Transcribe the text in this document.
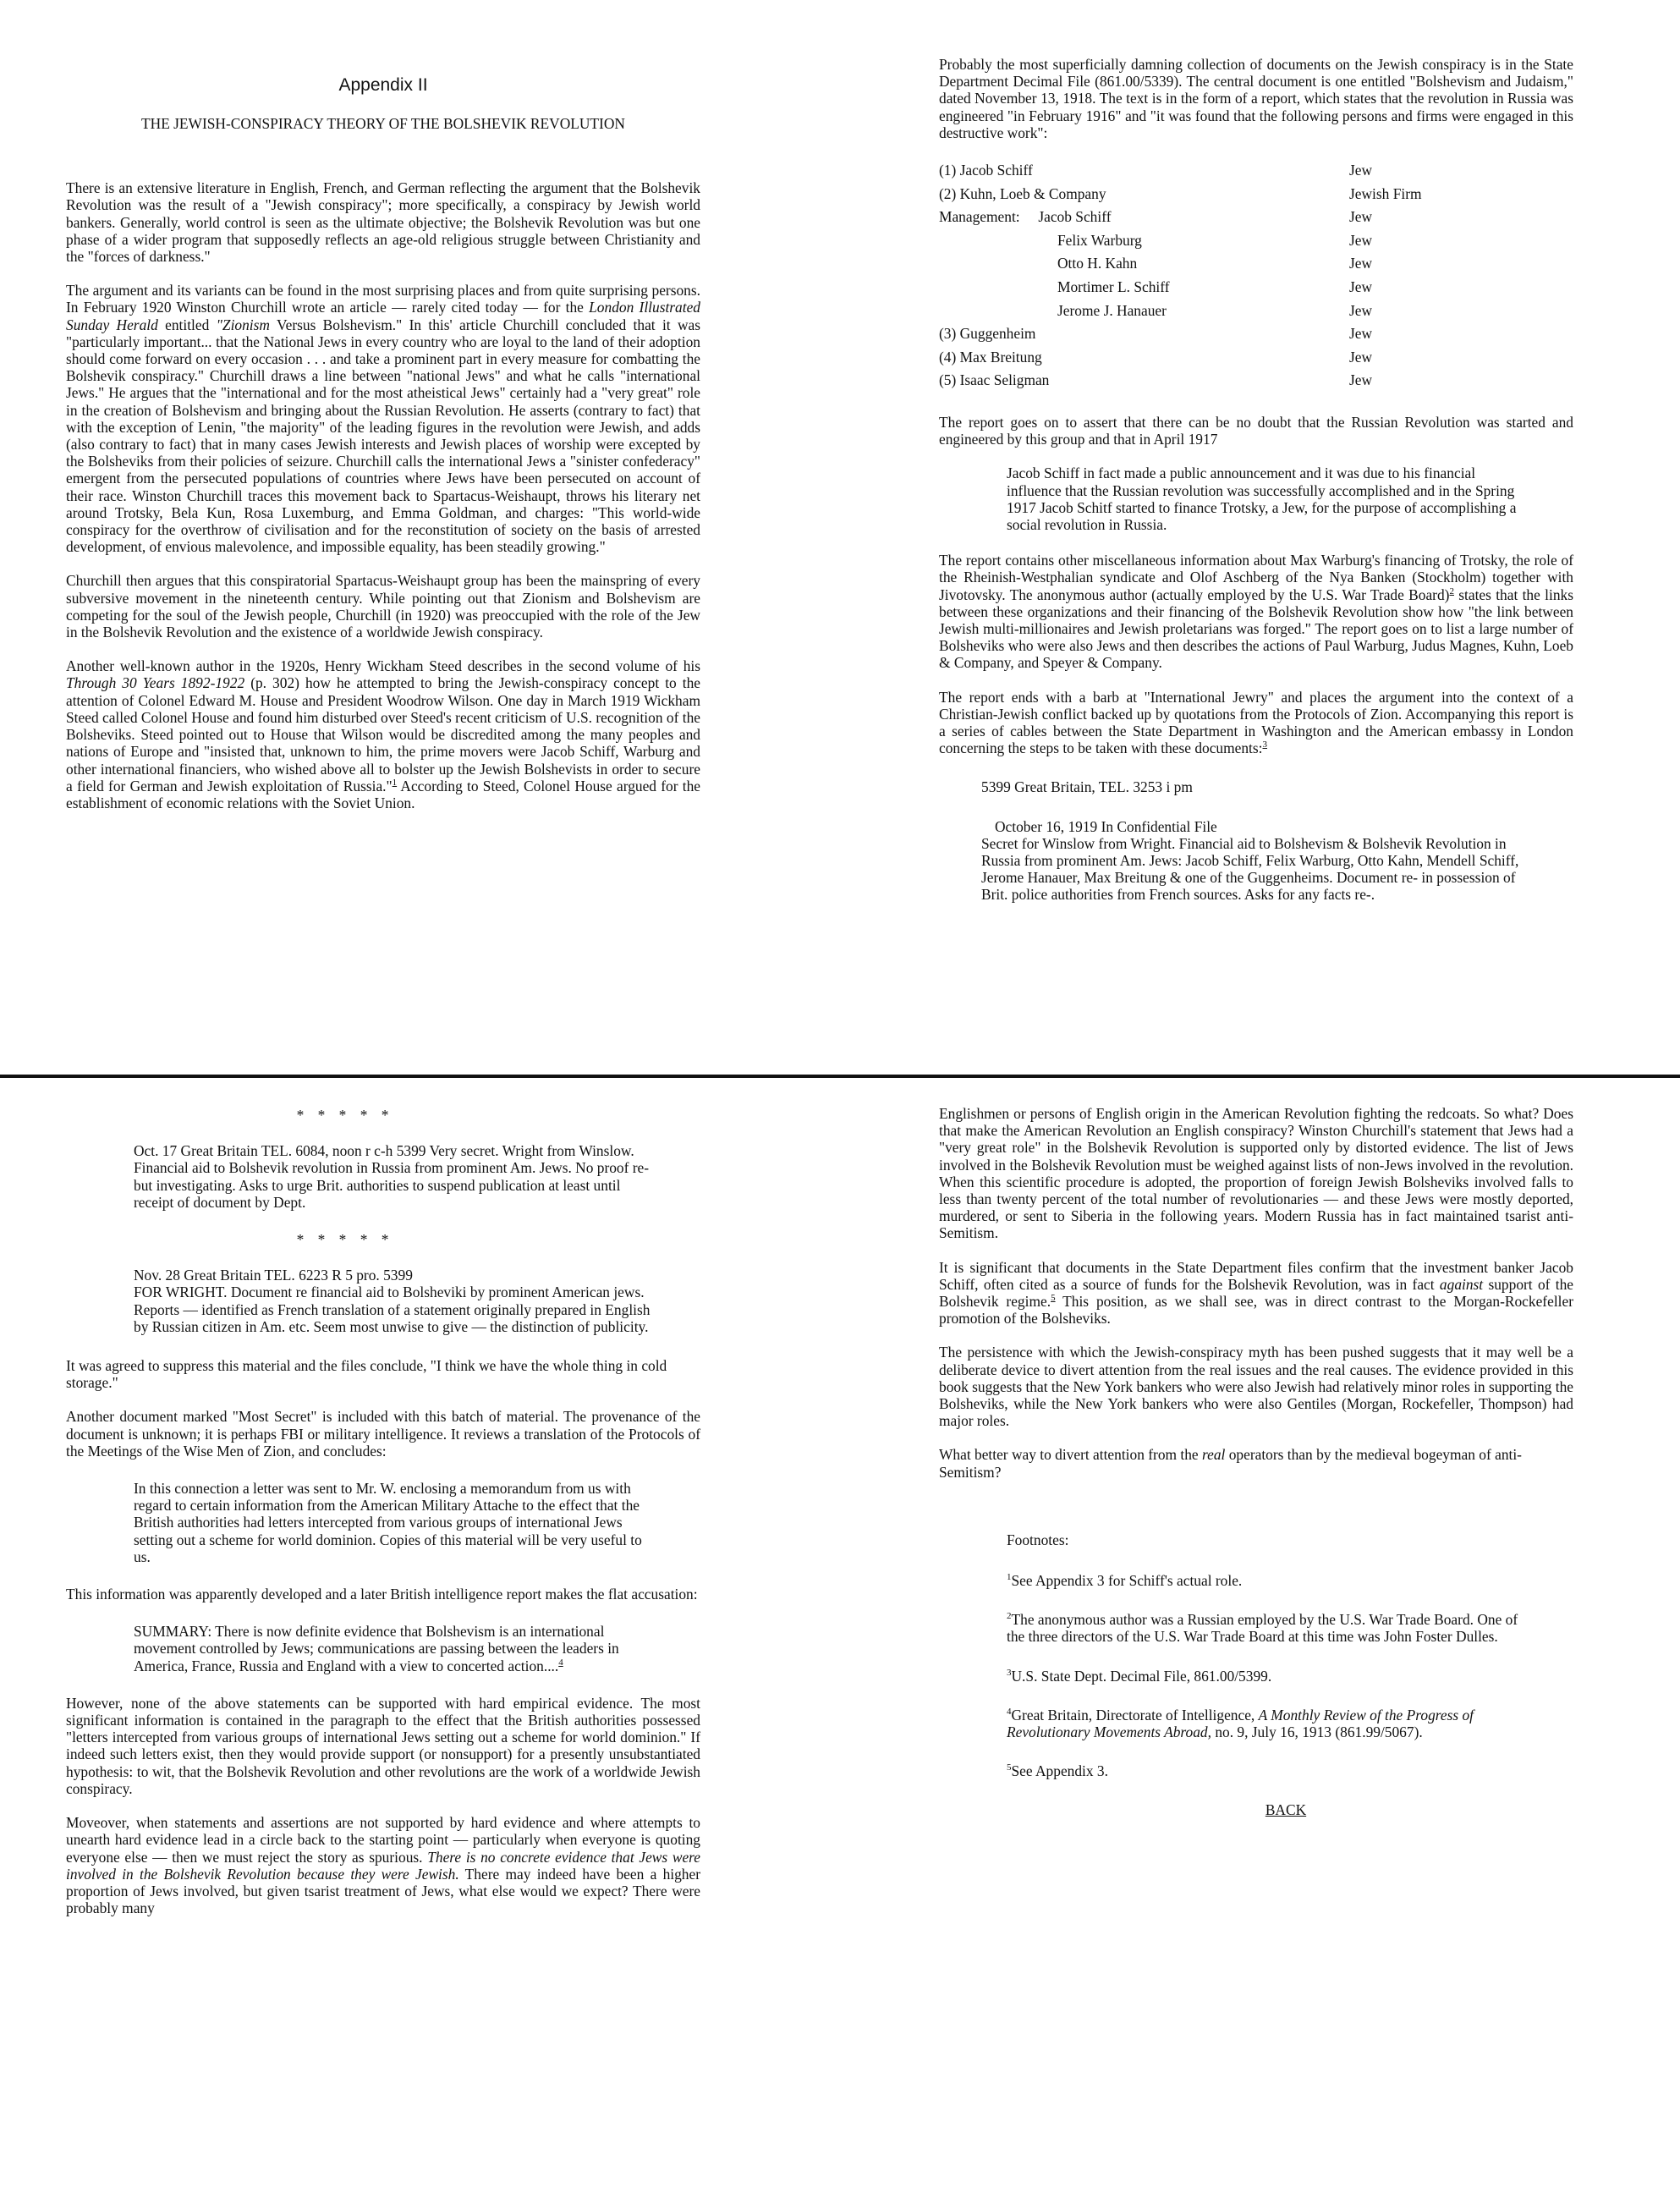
Appendix II
THE JEWISH-CONSPIRACY THEORY OF THE BOLSHEVIK REVOLUTION

There is an extensive literature in English, French, and German reflecting the argument that the Bolshevik Revolution was the result of a "Jewish conspiracy"; more specifically, a conspiracy by Jewish world bankers. Generally, world control is seen as the ultimate objective; the Bolshevik Revolution was but one phase of a wider program that supposedly reflects an age-old religious struggle between Christianity and the "forces of darkness."

The argument and its variants can be found in the most surprising places and from quite surprising persons. In February 1920 Winston Churchill wrote an article — rarely cited today — for the London Illustrated Sunday Herald entitled "Zionism Versus Bolshevism." In this' article Churchill concluded that it was "particularly important... that the National Jews in every country who are loyal to the land of their adoption should come forward on every occasion . . . and take a prominent part in every measure for combatting the Bolshevik conspiracy." Churchill draws a line between "national Jews" and what he calls "international Jews." He argues that the "international and for the most atheistical Jews" certainly had a "very great" role in the creation of Bolshevism and bringing about the Russian Revolution. He asserts (contrary to fact) that with the exception of Lenin, "the majority" of the leading figures in the revolution were Jewish, and adds (also contrary to fact) that in many cases Jewish interests and Jewish places of worship were excepted by the Bolsheviks from their policies of seizure. Churchill calls the international Jews a "sinister confederacy" emergent from the persecuted populations of countries where Jews have been persecuted on account of their race. Winston Churchill traces this movement back to Spartacus-Weishaupt, throws his literary net around Trotsky, Bela Kun, Rosa Luxemburg, and Emma Goldman, and charges: "This world-wide conspiracy for the overthrow of civilisation and for the reconstitution of society on the basis of arrested development, of envious malevolence, and impossible equality, has been steadily growing."

Churchill then argues that this conspiratorial Spartacus-Weishaupt group has been the mainspring of every subversive movement in the nineteenth century. While pointing out that Zionism and Bolshevism are competing for the soul of the Jewish people, Churchill (in 1920) was preoccupied with the role of the Jew in the Bolshevik Revolution and the existence of a worldwide Jewish conspiracy.

Another well-known author in the 1920s, Henry Wickham Steed describes in the second volume of his Through 30 Years 1892-1922 (p. 302) how he attempted to bring the Jewish-conspiracy concept to the attention of Colonel Edward M. House and President Woodrow Wilson. One day in March 1919 Wickham Steed called Colonel House and found him disturbed over Steed's recent criticism of U.S. recognition of the Bolsheviks. Steed pointed out to House that Wilson would be discredited among the many peoples and nations of Europe and "insisted that, unknown to him, the prime movers were Jacob Schiff, Warburg and other international financiers, who wished above all to bolster up the Jewish Bolshevists in order to secure a field for German and Jewish exploitation of Russia."$^1$ According to Steed, Colonel House argued for the establishment of economic relations with the Soviet Union.

Probably the most superficially damning collection of documents on the Jewish conspiracy is in the State Department Decimal File (861.00/5339). The central document is one entitled "Bolshevism and Judaism," dated November 13, 1918. The text is in the form of a report, which states that the revolution in Russia was engineered "in February 1916" and "it was found that the following persons and firms were engaged in this destructive work":

(1) Jacob Schiff	Jew
(2) Kuhn, Loeb & Company	Jewish Firm
Management:     Jacob Schiff	Jew
Felix Warburg	Jew
Otto H. Kahn	Jew
Mortimer L. Schiff	Jew
Jerome J. Hanauer	Jew
(3) Guggenheim	Jew
(4) Max Breitung	Jew
(5) Isaac Seligman	Jew

The report goes on to assert that there can be no doubt that the Russian Revolution was started and engineered by this group and that in April 1917

Jacob Schiff in fact made a public announcement and it was due to his financial influence that the Russian revolution was successfully accomplished and in the Spring 1917 Jacob Schitf started to finance Trotsky, a Jew, for the purpose of accomplishing a social revolution in Russia.

The report contains other miscellaneous information about Max Warburg's financing of Trotsky, the role of the Rheinish-Westphalian syndicate and Olof Aschberg of the Nya Banken (Stockholm) together with Jivotovsky. The anonymous author (actually employed by the U.S. War Trade Board)$^2$ states that the links between these organizations and their financing of the Bolshevik Revolution show how "the link between Jewish multi-millionaires and Jewish proletarians was forged." The report goes on to list a large number of Bolsheviks who were also Jews and then describes the actions of Paul Warburg, Judus Magnes, Kuhn, Loeb & Company, and Speyer & Company.

The report ends with a barb at "International Jewry" and places the argument into the context of a Christian-Jewish conflict backed up by quotations from the Protocols of Zion. Accompanying this report is a series of cables between the State Department in Washington and the American embassy in London concerning the steps to be taken with these documents:$^3$

5399 Great Britain, TEL. 3253 i pm

October 16, 1919 In Confidential File

Secret for Winslow from Wright. Financial aid to Bolshevism & Bolshevik Revolution in Russia from prominent Am. Jews: Jacob Schiff, Felix Warburg, Otto Kahn, Mendell Schiff, Jerome Hanauer, Max Breitung & one of the Guggenheims. Document re- in possession of Brit. police authorities from French sources. Asks for any facts re-.

* * * * *

Oct. 17 Great Britain TEL. 6084, noon r c-h 5399 Very secret. Wright from Winslow. Financial aid to Bolshevik revolution in Russia from prominent Am. Jews. No proof re- but investigating. Asks to urge Brit. authorities to suspend publication at least until receipt of document by Dept.

* * * * *

Nov. 28 Great Britain TEL. 6223 R 5 pro. 5399

FOR WRIGHT. Document re financial aid to Bolsheviki by prominent American jews. Reports — identified as French translation of a statement originally prepared in English by Russian citizen in Am. etc. Seem most unwise to give — the distinction of publicity.

It was agreed to suppress this material and the files conclude, "I think we have the whole thing in cold storage."

Another document marked "Most Secret" is included with this batch of material. The provenance of the document is unknown; it is perhaps FBI or military intelligence. It reviews a translation of the Protocols of the Meetings of the Wise Men of Zion, and concludes:

In this connection a letter was sent to Mr. W. enclosing a memorandum from us with regard to certain information from the American Military Attache to the effect that the British authorities had letters intercepted from various groups of international Jews setting out a scheme for world dominion. Copies of this material will be very useful to us.

This information was apparently developed and a later British intelligence report makes the flat accusation:

SUMMARY: There is now definite evidence that Bolshevism is an international movement controlled by Jews; communications are passing between the leaders in America, France, Russia and England with a view to concerted action....$^4$

However, none of the above statements can be supported with hard empirical evidence. The most significant information is contained in the paragraph to the effect that the British authorities possessed "letters intercepted from various groups of international Jews setting out a scheme for world dominion." If indeed such letters exist, then they would provide support (or nonsupport) for a presently unsubstantiated hypothesis: to wit, that the Bolshevik Revolution and other revolutions are the work of a worldwide Jewish conspiracy.

Moveover, when statements and assertions are not supported by hard evidence and where attempts to unearth hard evidence lead in a circle back to the starting point — particularly when everyone is quoting everyone else — then we must reject the story as spurious. There is no concrete evidence that Jews were involved in the Bolshevik Revolution because they were Jewish. There may indeed have been a higher proportion of Jews involved, but given tsarist treatment of Jews, what else would we expect? There were probably many

Englishmen or persons of English origin in the American Revolution fighting the redcoats. So what? Does that make the American Revolution an English conspiracy? Winston Churchill's statement that Jews had a "very great role" in the Bolshevik Revolution is supported only by distorted evidence. The list of Jews involved in the Bolshevik Revolution must be weighed against lists of non-Jews involved in the revolution. When this scientific procedure is adopted, the proportion of foreign Jewish Bolsheviks involved falls to less than twenty percent of the total number of revolutionaries — and these Jews were mostly deported, murdered, or sent to Siberia in the following years. Modern Russia has in fact maintained tsarist anti-Semitism.

It is significant that documents in the State Department files confirm that the investment banker Jacob Schiff, often cited as a source of funds for the Bolshevik Revolution, was in fact against support of the Bolshevik regime.$^5$ This position, as we shall see, was in direct contrast to the Morgan-Rockefeller promotion of the Bolsheviks.

The persistence with which the Jewish-conspiracy myth has been pushed suggests that it may well be a deliberate device to divert attention from the real issues and the real causes. The evidence provided in this book suggests that the New York bankers who were also Jewish had relatively minor roles in supporting the Bolsheviks, while the New York bankers who were also Gentiles (Morgan, Rockefeller, Thompson) had major roles.

What better way to divert attention from the real operators than by the medieval bogeyman of anti-Semitism?

Footnotes:

$^1$See Appendix 3 for Schiff's actual role.

$^2$The anonymous author was a Russian employed by the U.S. War Trade Board. One of the three directors of the U.S. War Trade Board at this time was John Foster Dulles.

$^3$U.S. State Dept. Decimal File, 861.00/5399.

$^4$Great Britain, Directorate of Intelligence, A Monthly Review of the Progress of Revolutionary Movements Abroad, no. 9, July 16, 1913 (861.99/5067).

$^5$See Appendix 3.

BACK
